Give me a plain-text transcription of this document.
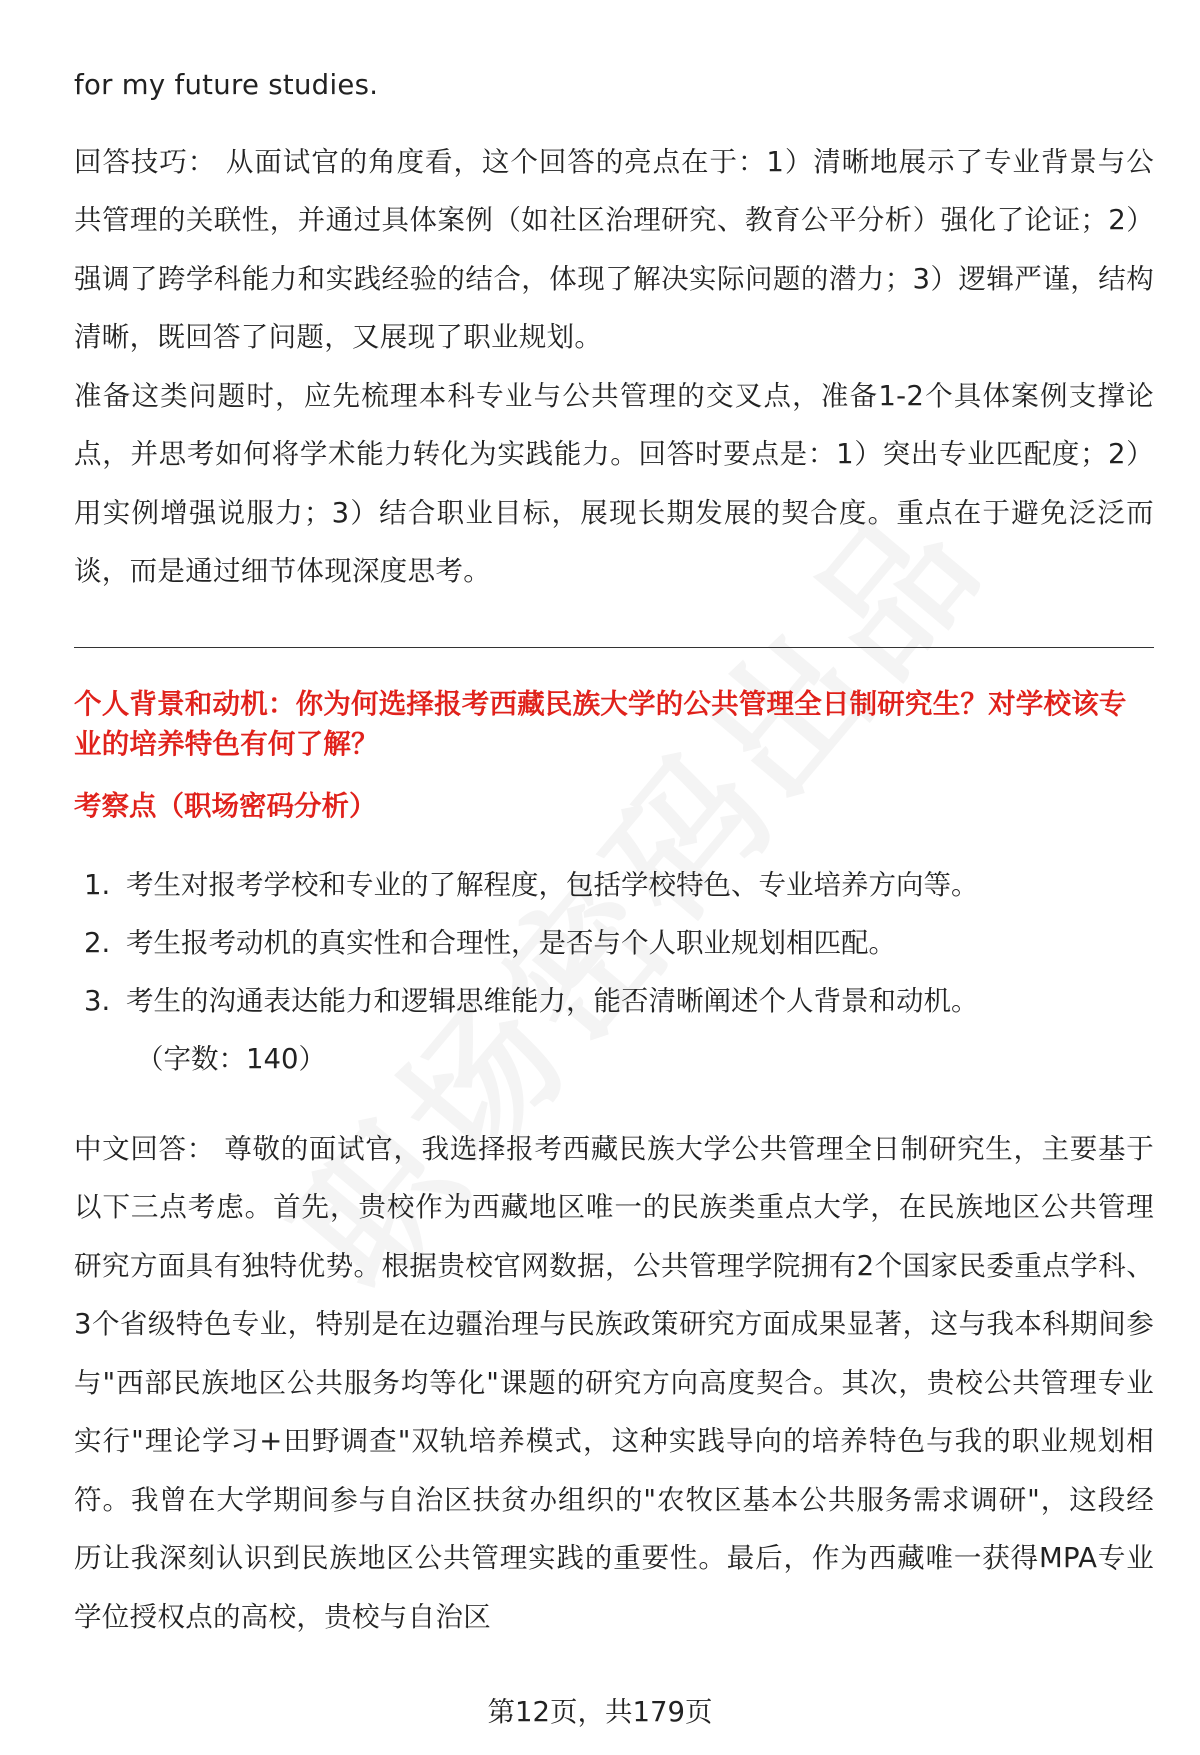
for my future studies.

回答技巧： 从面试官的角度看，这个回答的亮点在于：1）清晰地展示了专业背景与公共管理的关联性，并通过具体案例（如社区治理研究、教育公平分析）强化了论证；2）强调了跨学科能力和实践经验的结合，体现了解决实际问题的潜力；3）逻辑严谨，结构清晰，既回答了问题，又展现了职业规划。

准备这类问题时，应先梳理本科专业与公共管理的交叉点，准备1-2个具体案例支撑论点，并思考如何将学术能力转化为实践能力。回答时要点是：1）突出专业匹配度；2）用实例增强说服力；3）结合职业目标，展现长期发展的契合度。重点在于避免泛泛而谈，而是通过细节体现深度思考。

个人背景和动机：你为何选择报考西藏民族大学的公共管理全日制研究生？对学校该专业的培养特色有何了解？

考察点（职场密码分析）

1. 考生对报考学校和专业的了解程度，包括学校特色、专业培养方向等。
2. 考生报考动机的真实性和合理性，是否与个人职业规划相匹配。
3. 考生的沟通表达能力和逻辑思维能力，能否清晰阐述个人背景和动机。
（字数：140）

中文回答： 尊敬的面试官，我选择报考西藏民族大学公共管理全日制研究生，主要基于以下三点考虑。首先，贵校作为西藏地区唯一的民族类重点大学，在民族地区公共管理研究方面具有独特优势。根据贵校官网数据，公共管理学院拥有2个国家民委重点学科、3个省级特色专业，特别是在边疆治理与民族政策研究方面成果显著，这与我本科期间参与"西部民族地区公共服务均等化"课题的研究方向高度契合。其次，贵校公共管理专业实行"理论学习+田野调查"双轨培养模式，这种实践导向的培养特色与我的职业规划相符。我曾在大学期间参与自治区扶贫办组织的"农牧区基本公共服务需求调研"，这段经历让我深刻认识到民族地区公共管理实践的重要性。最后，作为西藏唯一获得MPA专业学位授权点的高校，贵校与自治区

第12页，共179页
